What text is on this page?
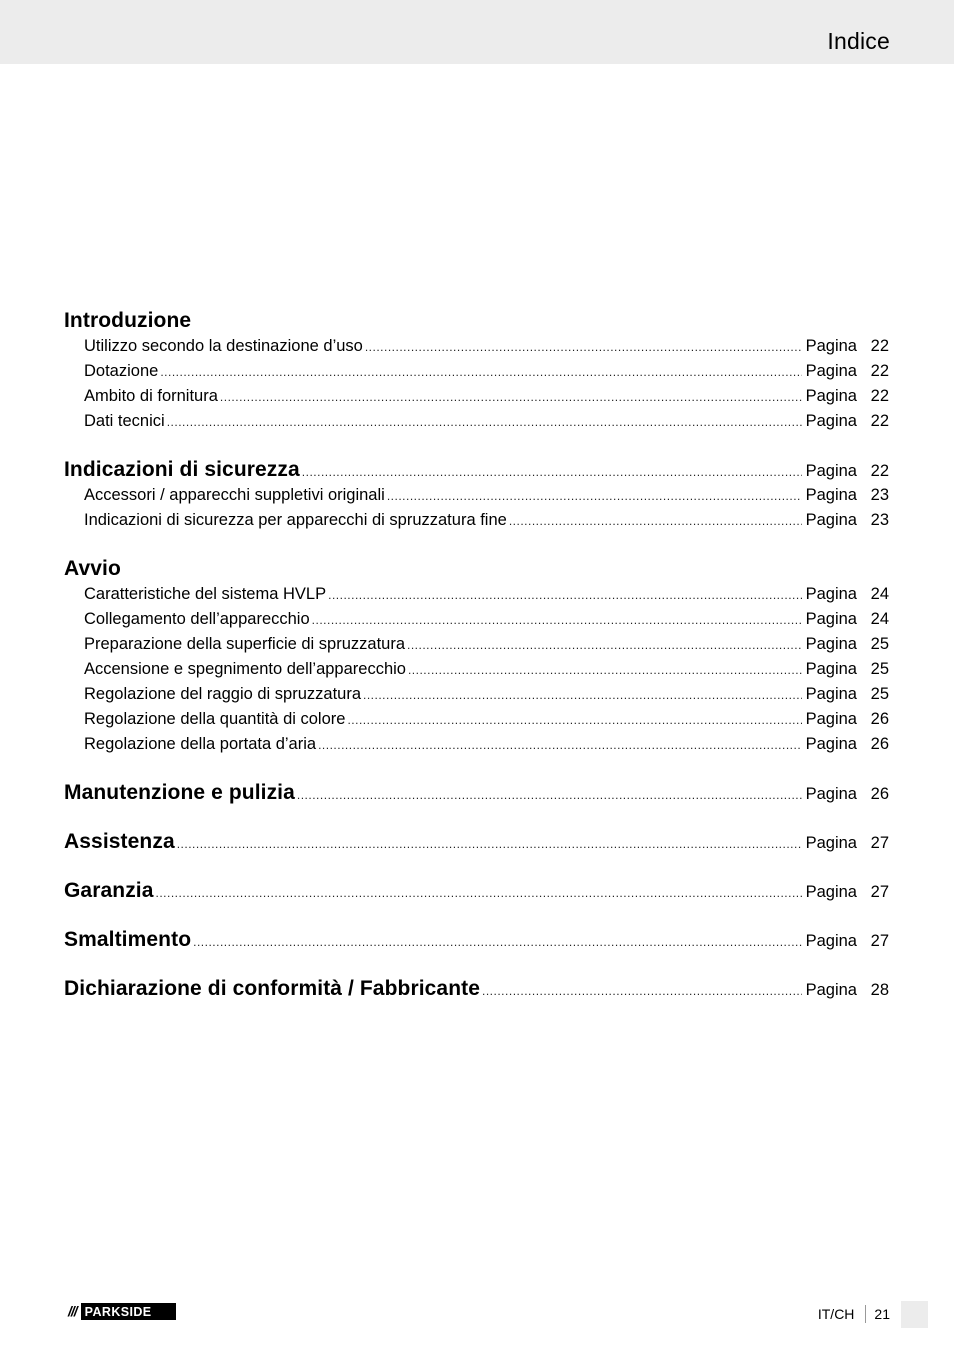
Indice
Introduzione
Utilizzo secondo la destinazione d’uso .....	Pagina 22
Dotazione .....	Pagina 22
Ambito di fornitura .....	Pagina 22
Dati tecnici .....	Pagina 22
Indicazioni di sicurezza .....	Pagina 22
Accessori / apparecchi suppletivi originali .....	Pagina 23
Indicazioni di sicurezza per apparecchi di spruzzatura fine .....	Pagina 23
Avvio
Caratteristiche del sistema HVLP .....	Pagina 24
Collegamento dell’apparecchio .....	Pagina 24
Preparazione della superficie di spruzzatura .....	Pagina 25
Accensione e spegnimento dell’apparecchio .....	Pagina 25
Regolazione del raggio di spruzzatura .....	Pagina 25
Regolazione della quantità di colore .....	Pagina 26
Regolazione della portata d’aria .....	Pagina 26
Manutenzione e pulizia .....	Pagina 26
Assistenza .....	Pagina 27
Garanzia .....	Pagina 27
Smaltimento .....	Pagina 27
Dichiarazione di conformità / Fabbricante .....	Pagina 28
/// PARKSIDE	IT/CH 21
